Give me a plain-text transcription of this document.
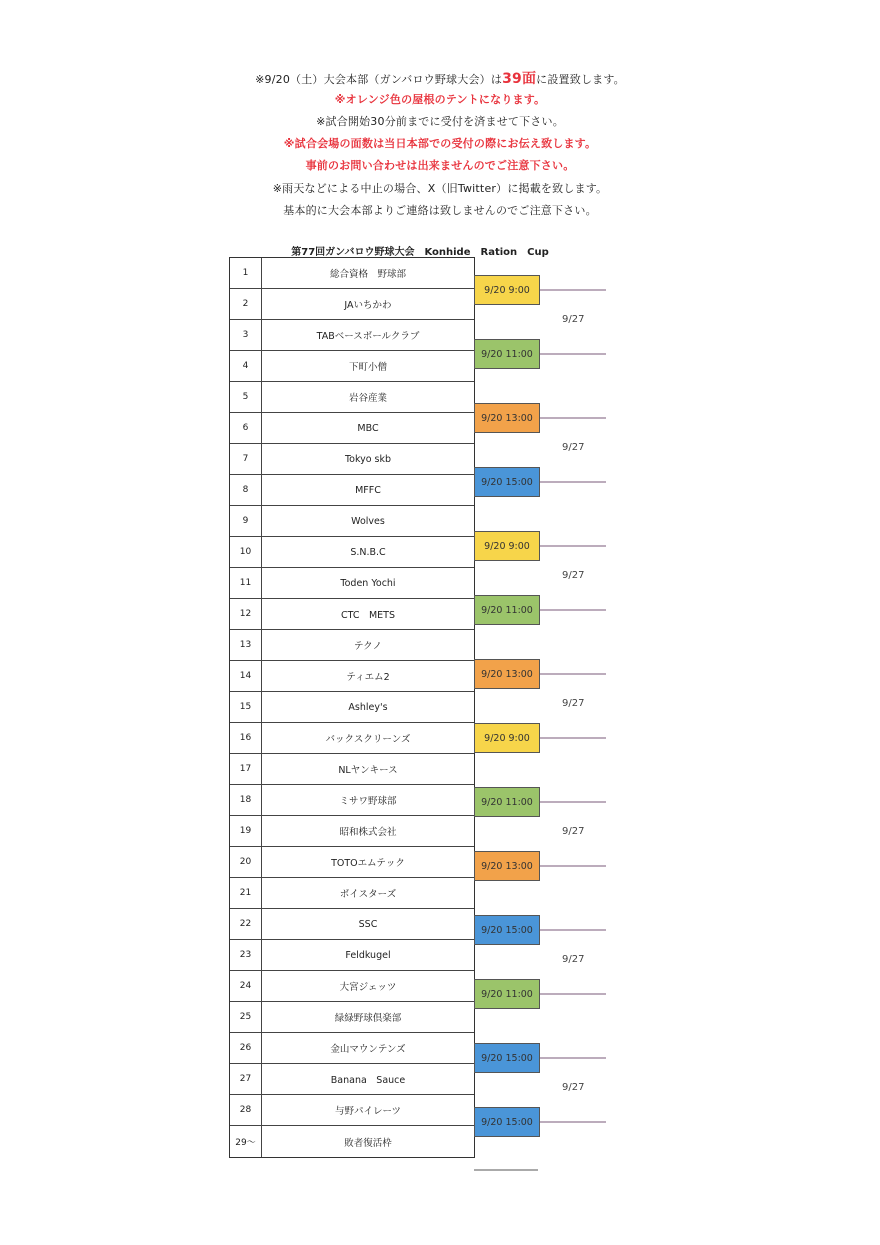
※9/20（土）大会本部（ガンバロウ野球大会）は39面に設置致します。
※オレンジ色の屋根のテントになります。
※試合開始30分前までに受付を済ませて下さい。
※試合会場の面数は当日本部での受付の際にお伝え致します。
事前のお問い合わせは出来ませんのでご注意下さい。
※雨天などによる中止の場合、X（旧Twitter）に掲載を致します。
基本的に大会本部よりご連絡は致しませんのでご注意下さい。
第77回ガンバロウ野球大会　Konhide　Ration　Cup
1	総合資格　野球部
2	JAいちかわ
3	TABベースボールクラブ
4	下町小僧
5	岩谷産業
6	MBC
7	Tokyo skb
8	MFFC
9	Wolves
10	S.N.B.C
11	Toden Yochi
12	CTC　METS
13	テクノ
14	ティエム2
15	Ashley's
16	バックスクリーンズ
17	NLヤンキース
18	ミサワ野球部
19	昭和株式会社
20	TOTOエムテック
21	ボイスターズ
22	SSC
23	Feldkugel
24	大宮ジェッツ
25	緑緑野球倶楽部
26	金山マウンテンズ
27	Banana　Sauce
28	与野パイレーツ
29～	敗者復活枠
9/20 9:00
9/20 11:00
9/20 13:00
9/20 15:00
9/20 9:00
9/20 11:00
9/20 13:00
9/20 9:00
9/20 11:00
9/20 13:00
9/20 15:00
9/20 11:00
9/20 15:00
9/20 15:00
9/27
9/27
9/27
9/27
9/27
9/27
9/27
